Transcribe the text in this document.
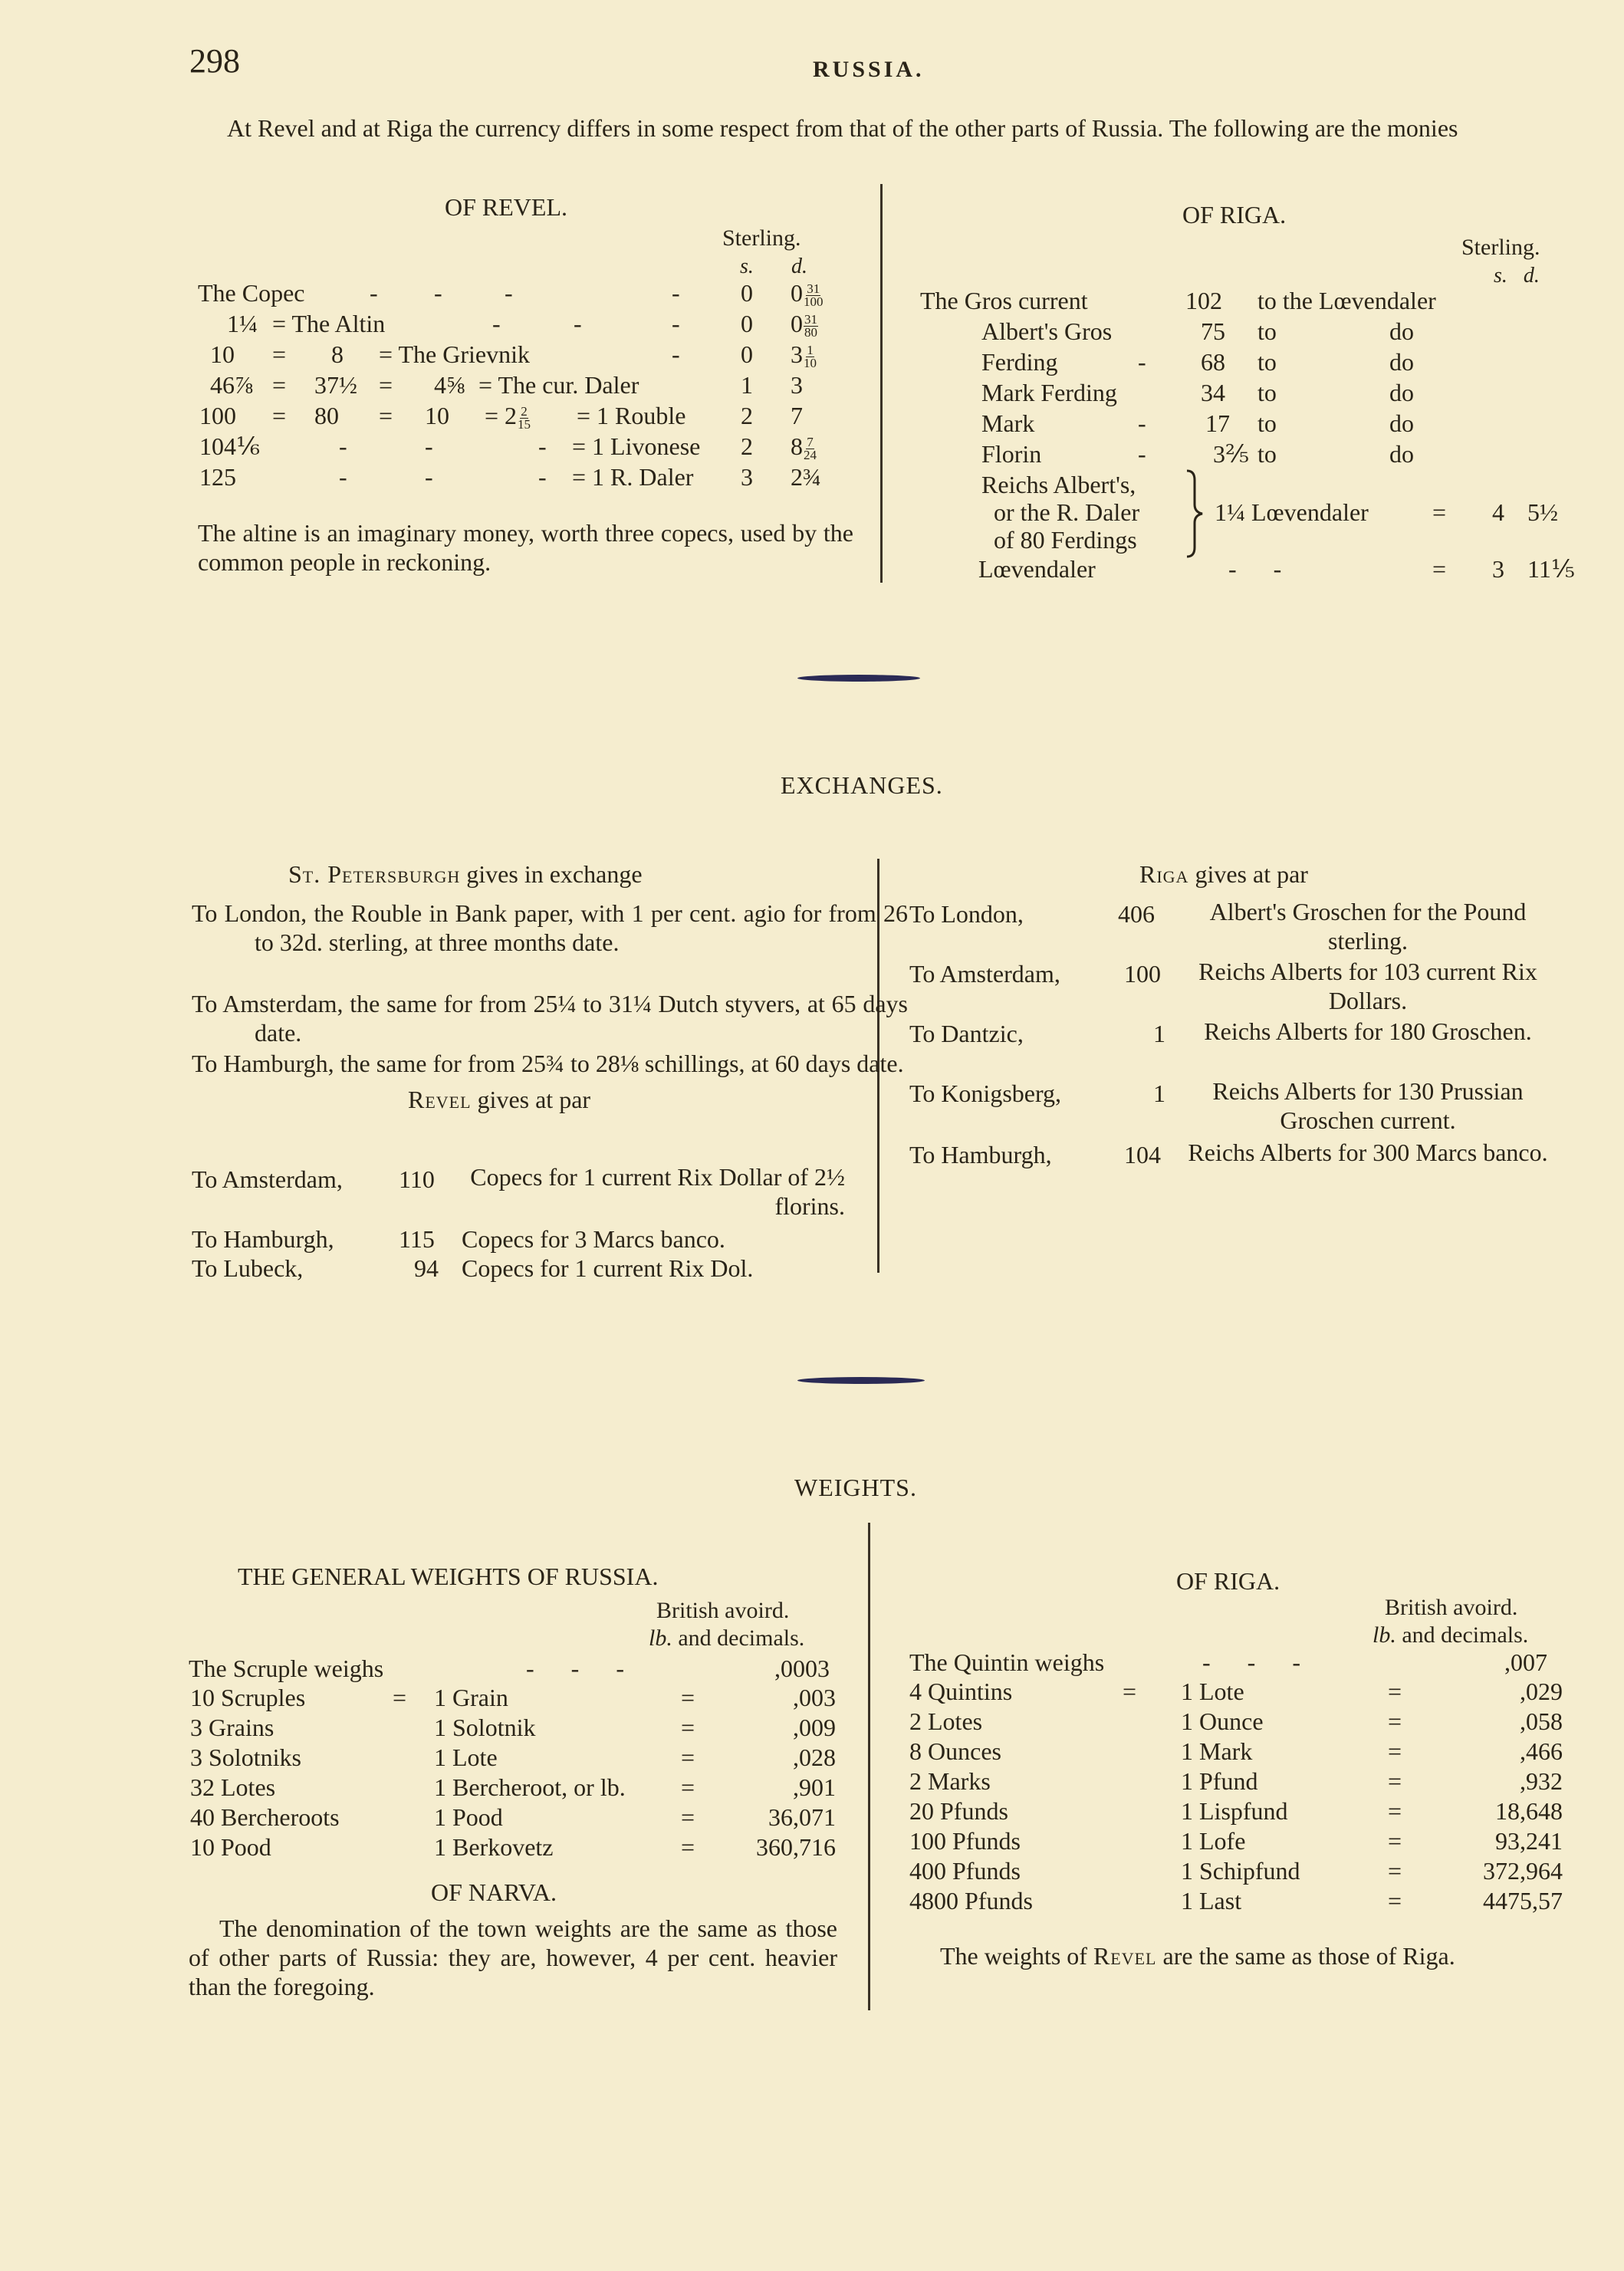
298	RUSSIA.
At Revel and at Riga the currency differs in some respect from that of the other parts of Russia. The following are the monies
OF REVEL.
Sterling.
s. d.
The Copec	- -	-	- 0 $0 \frac{31}{100}$
1¼ = The Altin	-	-	- 0 $0 \frac{31}{80}$
10 = 8 = The Grievnik	- 0 $3 \frac{1}{10}$
46⅞ = 37½ = 4⅝ = The cur. Daler	1 3
$100 = 80 = 10 = 2 \frac{2}{15} = 1$ Rouble 2 7
104⅙	-	-	- = 1 Livonese 2 $8 \frac{7}{24}$
125	-	-	- = 1 R. Daler 3 2¾
The altine is an imaginary money, worth three copecs, used by the common people in reckoning.
OF RIGA.
Sterling.
s. d.
The Gros current	102 to the Lœvendaler
Albert's Gros	75 to	do
Ferding	- 68 to	do
Mark Ferding	34 to	do
Mark	- 17 to	do
Florin	-	3⅖ to	do
Reichs Albert's,
or the R. Daler
of 80 Ferdings
1¼ Lœvendaler	= 4 5½
Lœvendaler	-      -	= 3 11⅕
EXCHANGES.
St. Petersburgh gives in exchange
To London, the Rouble in Bank paper, with 1 per cent. agio for from 26 to 32d. sterling, at three months date.
To Amsterdam, the same for from 25¼ to 31¼ Dutch styvers, at 65 days date.
To Hamburgh, the same for from 25¾ to 28⅛ schillings, at 60 days date.
Revel gives at par
To Amsterdam, 110	Copecs for 1 current Rix Dollar of 2½ florins.
To Hamburgh,	115 Copecs for 3 Marcs banco.
To Lubeck,	94 Copecs for 1 current Rix Dol.
Riga gives at par
To London,	406	Albert's Groschen for the Pound sterling.
To Amsterdam,	100	Reichs Alberts for 103 current Rix Dollars.
To Dantzic,	1	Reichs Alberts for 180 Groschen.
To Konigsberg,	1	Reichs Alberts for 130 Prussian Groschen current.
To Hamburgh,	104	Reichs Alberts for 300 Marcs banco.
WEIGHTS.
THE GENERAL WEIGHTS OF RUSSIA.
British avoird.
lb. and decimals.
The Scruple weighs	-      -      -	,0003
10 Scruples	= 1 Grain	=	,003
3 Grains	1 Solotnik	=	,009
3 Solotniks	1 Lote	=	,028
32 Lotes	1 Bercheroot, or lb. =	,901
40 Bercheroots	1 Pood	=	36,071
10 Pood	1 Berkovetz	=	360,716
OF NARVA.
The denomination of the town weights are the same as those of other parts of Russia: they are, however, 4 per cent. heavier than the foregoing.
OF RIGA.
British avoird.
lb. and decimals.
The Quintin weighs	-      -      -	,007
4 Quintins	= 1 Lote	=	,029
2 Lotes	1 Ounce	=	,058
8 Ounces	1 Mark	=	,466
2 Marks	1 Pfund	=	,932
20 Pfunds	1 Lispfund	=	18,648
100 Pfunds	1 Lofe	=	93,241
400 Pfunds	1 Schipfund	=	372,964
4800 Pfunds	1 Last	=	4475,57
The weights of Revel are the same as those of Riga.
